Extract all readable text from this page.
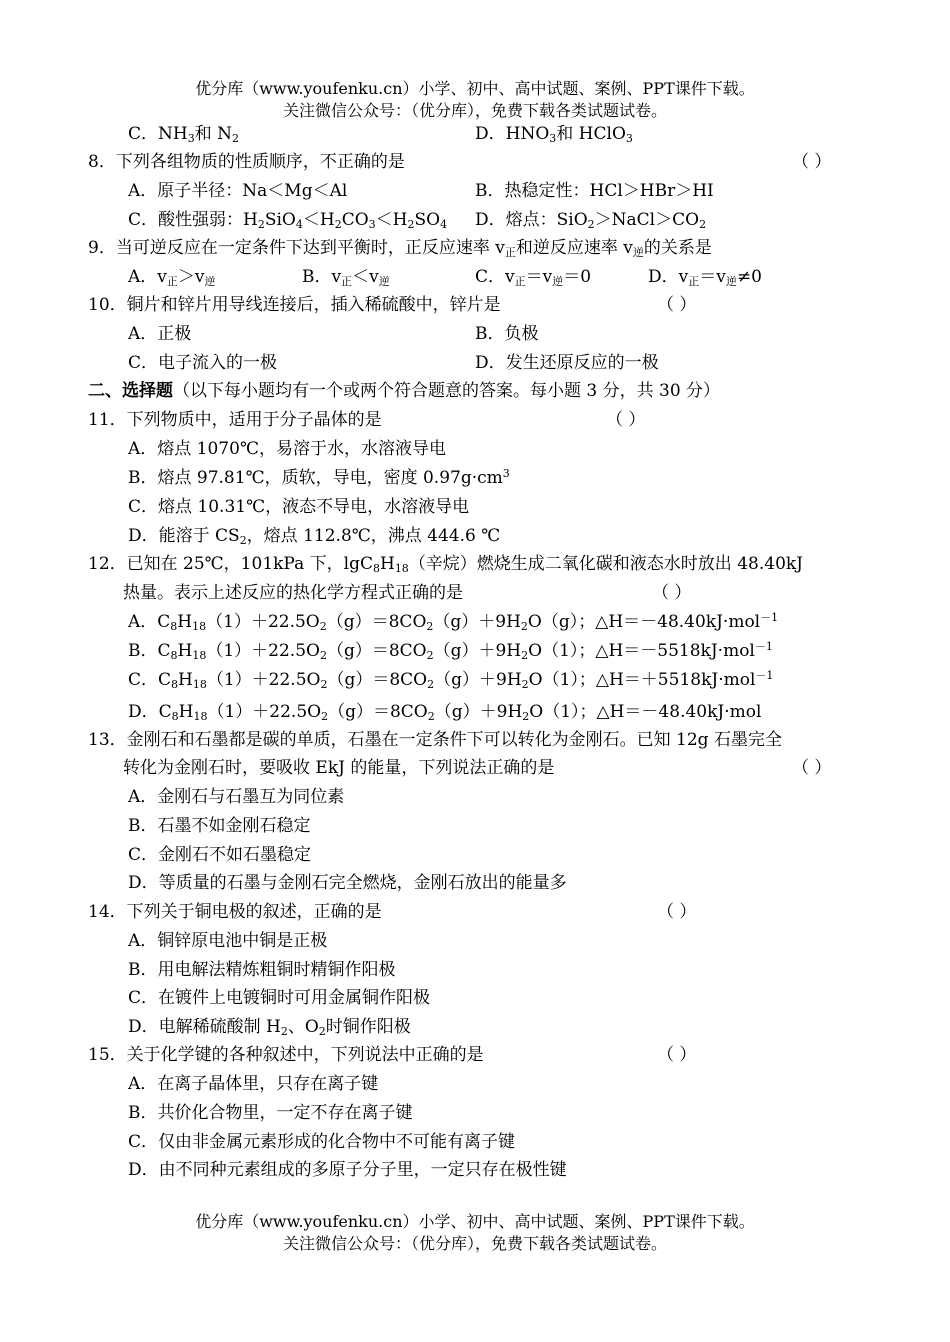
优分库（www.youfenku.cn）小学、初中、高中试题、案例、PPT课件下载。
关注微信公众号：（优分库），免费下载各类试题试卷。
C．$NH_3$和 $N_2$	D．$HNO_3$和 HClO$_3$
8．下列各组物质的性质顺序，不正确的是	（ ）
A．原子半径：Na＜Mg＜Al	B．热稳定性：HCl＞HBr＞HI
C．酸性强弱：$H_2SiO_4<H_2CO_3<H_2SO_4$ D．熔点：$SiO_2>NaCl>CO_2$
9．当可逆反应在一定条件下达到平衡时，正反应速率 $v_正$和逆反应速率 $v_逆$的关系是
A．$v_正>v_逆$	B．$v_正<v_逆$	C．$v_正=v_逆=0$	D．$v_正=v_逆\ne 0$
10．铜片和锌片用导线连接后，插入稀硫酸中，锌片是	（ ）
A．正极	B．负极
C．电子流入的一极	D．发生还原反应的一极
二、选择题（以下每小题均有一个或两个符合题意的答案。每小题 3 分，共 30 分）
11．下列物质中，适用于分子晶体的是	（ ）
A．熔点 1070℃，易溶于水，水溶液导电
B．熔点 97.81℃，质软，导电，密度 $0.97g\cdot cm^3$
C．熔点 10.31℃，液态不导电，水溶液导电
D．能溶于 $CS_2$，熔点 112.8℃，沸点 444.6 ℃
12．已知在 25℃，101kPa 下，$\lg C_8H_{18}$（辛烷）燃烧生成二氧化碳和液态水时放出 48.40kJ
热量。表示上述反应的热化学方程式正确的是	（ ）
A．$C_8H_{18}(1)+22.5O_2(g)=8CO_2(g)+9H_2O(g)$；△H＝－48.40kJ·mol$^{-1}$
B．$C_8H_{18}(1)+22.5O_2(g)=8CO_2(g)+9H_2O(1)$；△H＝－5518kJ·mol$^{-1}$
C．$C_8H_{18}(1)+22.5O_2(g)=8CO_2(g)+9H_2O(1)$；△H＝＋5518kJ·mol$^{-1}$
D．$C_8H_{18}(1)+22.5O_2(g)=8CO_2(g)+9H_2O(1)$；△H＝－48.40kJ·mol
13．金刚石和石墨都是碳的单质，石墨在一定条件下可以转化为金刚石。已知 12g 石墨完全
转化为金刚石时，要吸收 EkJ 的能量，下列说法正确的是	（ ）
A．金刚石与石墨互为同位素
B．石墨不如金刚石稳定
C．金刚石不如石墨稳定
D．等质量的石墨与金刚石完全燃烧，金刚石放出的能量多
14．下列关于铜电极的叙述，正确的是	（ ）
A．铜锌原电池中铜是正极
B．用电解法精炼粗铜时精铜作阳极
C．在镀件上电镀铜时可用金属铜作阳极
D．电解稀硫酸制 $H_2$、$O_2$时铜作阳极
15．关于化学键的各种叙述中，下列说法中正确的是	（ ）
A．在离子晶体里，只存在离子键
B．共价化合物里，一定不存在离子键
C．仅由非金属元素形成的化合物中不可能有离子键
D．由不同种元素组成的多原子分子里，一定只存在极性键
优分库（www.youfenku.cn）小学、初中、高中试题、案例、PPT课件下载。
关注微信公众号：（优分库），免费下载各类试题试卷。
